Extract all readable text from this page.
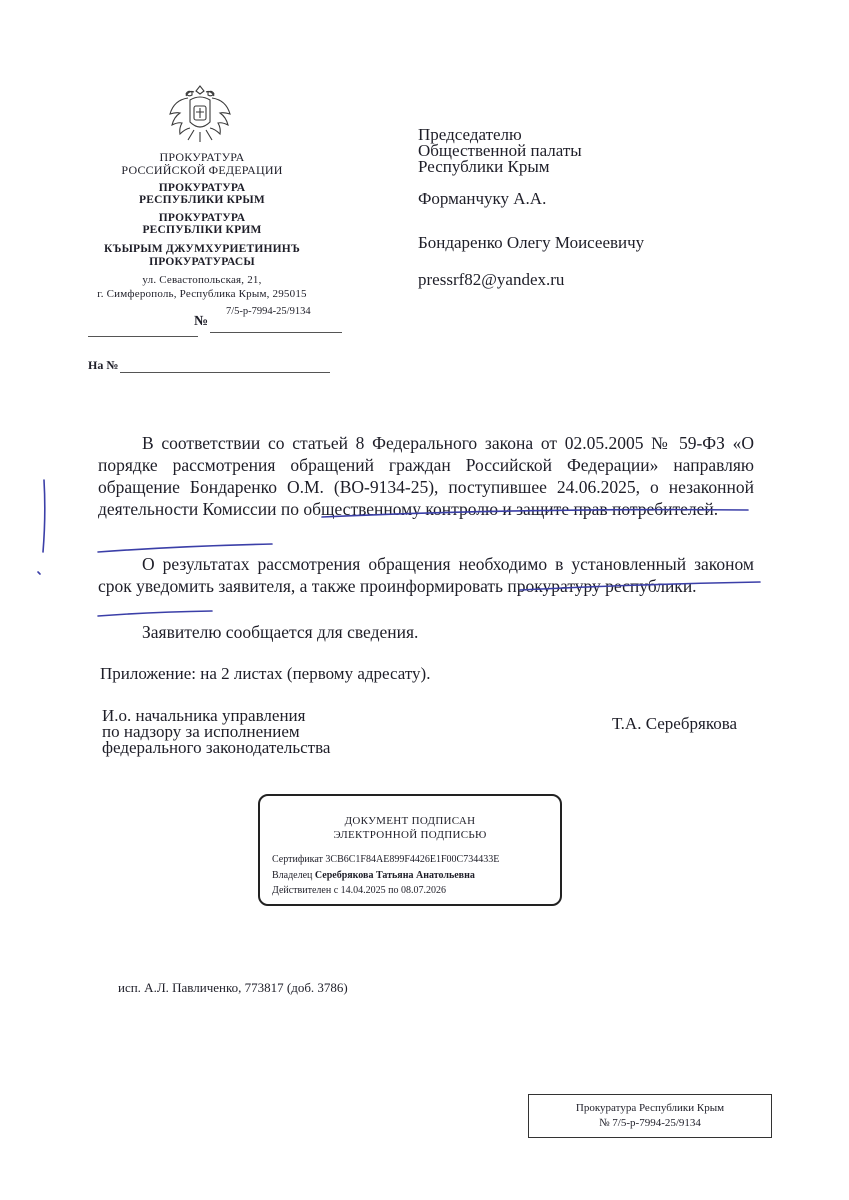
ПРОКУРАТУРА
РОССИЙСКОЙ ФЕДЕРАЦИИ
ПРОКУРАТУРА
РЕСПУБЛИКИ КРЫМ
ПРОКУРАТУРА
РЕСПУБЛІКИ КРИМ
КЪЫРЫМ ДЖУМХУРИЕТИНИНЪ
ПРОКУРАТУРАСЫ
ул. Севастопольская, 21,
г. Симферополь, Республика Крым, 295015
№
7/5-р-7994-25/9134
На №
Председателю
Общественной палаты
Республики Крым
Форманчуку А.А.
Бондаренко Олегу Моисеевичу
pressrf82@yandex.ru

В соответствии со статьей 8 Федерального закона от 02.05.2005 № 59-ФЗ «О порядке рассмотрения обращений граждан Российской Федерации» направляю обращение Бондаренко О.М. (ВО-9134-25), поступившее 24.06.2025, о незаконной деятельности Комиссии по общественному контролю и защите прав потребителей.

О результатах рассмотрения обращения необходимо в установленный законом срок уведомить заявителя, а также проинформировать прокуратуру республики.

Заявителю сообщается для сведения.

Приложение: на 2 листах (первому адресату).
И.о. начальника управления
по надзору за исполнением
федерального законодательства
Т.А. Серебрякова
ДОКУМЕНТ ПОДПИСАН
ЭЛЕКТРОННОЙ ПОДПИСЬЮ
Сертификат 3CB6C1F84AE899F4426E1F00C734433E
Владелец Серебрякова Татьяна Анатольевна
Действителен с 14.04.2025 по 08.07.2026
исп. А.Л. Павличенко, 773817 (доб. 3786)
Прокуратура Республики Крым
№ 7/5-р-7994-25/9134
